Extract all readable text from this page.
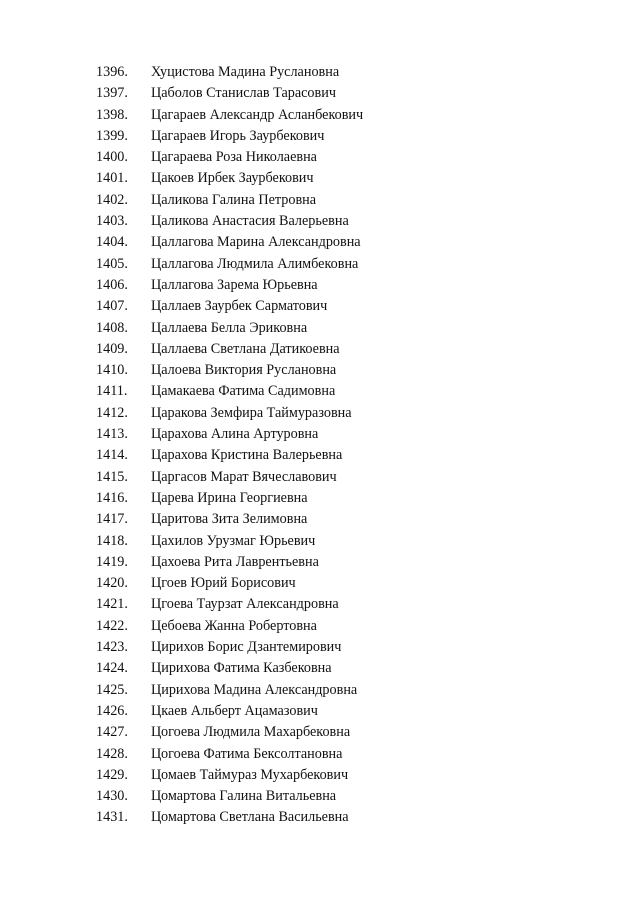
1396.	Хуцистова Мадина Руслановна
1397.	Цаболов Станислав Тарасович
1398.	Цагараев Александр Асланбекович
1399.	Цагараев Игорь Заурбекович
1400.	Цагараева Роза Николаевна
1401.	Цакоев Ирбек Заурбекович
1402.	Цаликова Галина Петровна
1403.	Цаликова Анастасия Валерьевна
1404.	Цаллагова Марина Александровна
1405.	Цаллагова Людмила Алимбековна
1406.	Цаллагова Зарема Юрьевна
1407.	Цаллаев Заурбек Сарматович
1408.	Цаллаева Белла Эриковна
1409.	Цаллаева Светлана Датикоевна
1410.	Цалоева Виктория Руслановна
1411.	Цамакаева Фатима Садимовна
1412.	Царакова Земфира Таймуразовна
1413.	Царахова Алина Артуровна
1414.	Царахова Кристина Валерьевна
1415.	Царгасов Марат Вячеславович
1416.	Царева Ирина Георгиевна
1417.	Царитова Зита Зелимовна
1418.	Цахилов Урузмаг Юрьевич
1419.	Цахоева Рита Лаврентьевна
1420.	Цгоев Юрий Борисович
1421.	Цгоева Таурзат Александровна
1422.	Цебоева Жанна Робертовна
1423.	Цирихов Борис Дзантемирович
1424.	Цирихова Фатима Казбековна
1425.	Цирихова Мадина Александровна
1426.	Цкаев Альберт Ацамазович
1427.	Цогоева Людмила Махарбековна
1428.	Цогоева Фатима Бексолтановна
1429.	Цомаев Таймураз Мухарбекович
1430.	Цомартова Галина Витальевна
1431.	Цомартова Светлана Васильевна
